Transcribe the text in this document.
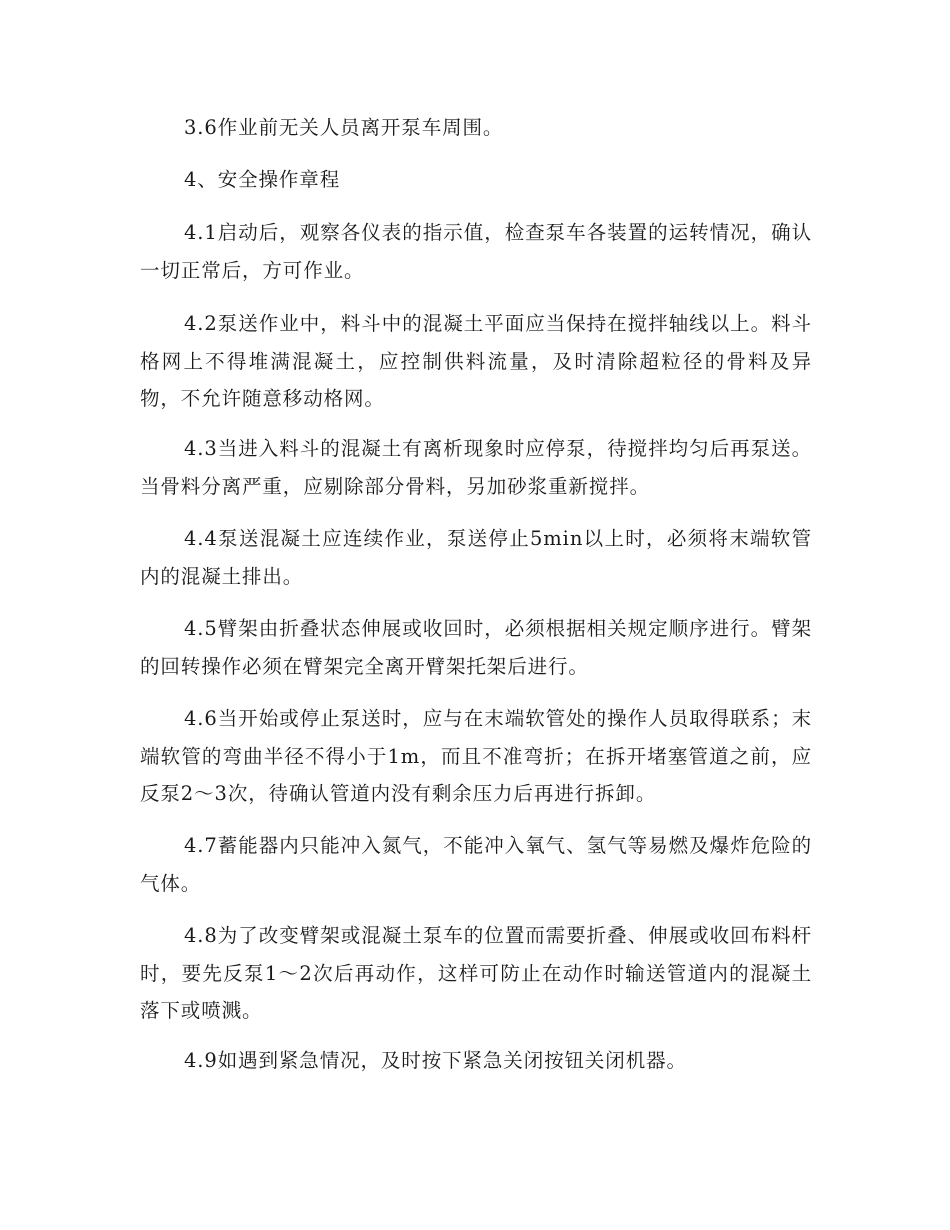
3.6作业前无关人员离开泵车周围。

4、安全操作章程

4.1启动后，观察各仪表的指示值，检查泵车各装置的运转情况，确认一切正常后，方可作业。

4.2泵送作业中，料斗中的混凝土平面应当保持在搅拌轴线以上。料斗格网上不得堆满混凝土，应控制供料流量，及时清除超粒径的骨料及异物，不允许随意移动格网。

4.3当进入料斗的混凝土有离析现象时应停泵，待搅拌均匀后再泵送。当骨料分离严重，应剔除部分骨料，另加砂浆重新搅拌。

4.4泵送混凝土应连续作业，泵送停止5min以上时，必须将末端软管内的混凝土排出。

4.5臂架由折叠状态伸展或收回时，必须根据相关规定顺序进行。臂架的回转操作必须在臂架完全离开臂架托架后进行。

4.6当开始或停止泵送时，应与在末端软管处的操作人员取得联系；末端软管的弯曲半径不得小于1m，而且不准弯折；在拆开堵塞管道之前，应反泵2～3次，待确认管道内没有剩余压力后再进行拆卸。

4.7蓄能器内只能冲入氮气，不能冲入氧气、氢气等易燃及爆炸危险的气体。

4.8为了改变臂架或混凝土泵车的位置而需要折叠、伸展或收回布料杆时，要先反泵1～2次后再动作，这样可防止在动作时输送管道内的混凝土落下或喷溅。

4.9如遇到紧急情况，及时按下紧急关闭按钮关闭机器。
